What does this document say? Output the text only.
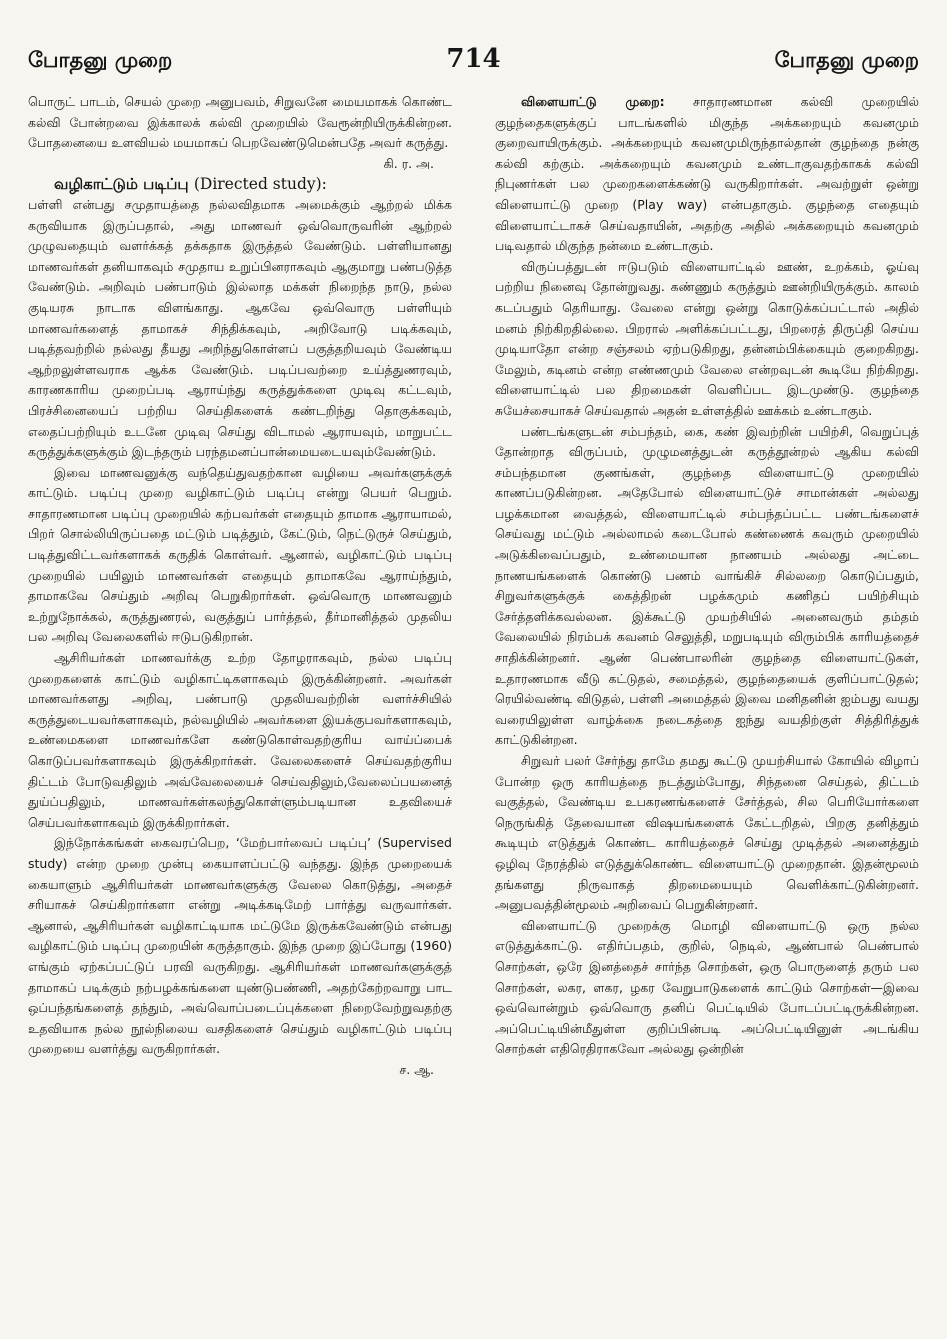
போதனு முறை	714	போதனு முறை

பொருட் பாடம், செயல் முறை அனுபவம், சிறுவனே மையமாகக் கொண்ட கல்வி போன்றவை இக்காலக் கல்வி முறையில் வேரூன்றியிருக்கின்றன. போதனையை உளவியல் மயமாகப் பெறவேண்டுமென்பதே அவர் கருத்து.

கி. ர. அ.

வழிகாட்டும் படிப்பு (Directed study):

பள்ளி என்பது சமுதாயத்தை நல்லவிதமாக அமைக்கும் ஆற்றல் மிக்க கருவியாக இருப்பதால், அது மாணவர் ஒவ்வொருவரின் ஆற்றல் முழுவதையும் வளர்க்கத் தக்கதாக இருத்தல் வேண்டும். பள்ளியானது மாணவர்கள் தனியாகவும் சமுதாய உறுப்பினராகவும் ஆகுமாறு பண்படுத்த வேண்டும். அறிவும் பண்பாடும் இல்லாத மக்கள் நிறைந்த நாடு, நல்ல குடியரசு நாடாக விளங்காது. ஆகவே ஒவ்வொரு பள்ளியும் மாணவர்களைத் தாமாகச் சிந்திக்கவும், அறிவோடு படிக்கவும், படித்தவற்றில் நல்லது தீயது அறிந்துகொள்ளப் பகுத்தறியவும் வேண்டிய ஆற்றலுள்ளவராக ஆக்க வேண்டும். படிப்பவற்றை உய்த்துணரவும், காரணகாரிய முறைப்படி ஆராய்ந்து கருத்துக்களை முடிவு கட்டவும், பிரச்சினையைப் பற்றிய செய்திகளைக் கண்டறிந்து தொகுக்கவும், எதைப்பற்றியும் உடனே முடிவு செய்து விடாமல் ஆராயவும், மாறுபட்ட கருத்துக்களுக்கும் இடந்தரும் பரந்தமனப்பான்மையடையவும்வேண்டும்.

இவை மாணவனுக்கு வந்தெய்துவதற்கான வழியை அவர்களுக்குக் காட்டும். படிப்பு முறை வழிகாட்டும் படிப்பு என்று பெயர் பெறும். சாதாரணமான படிப்பு முறையில் கற்பவர்கள் எதையும் தாமாக ஆராயாமல், பிறர் சொல்லியிருப்பதை மட்டும் படித்தும், கேட்டும், நெட்டுருச் செய்தும், படித்துவிட்டவர்களாகக் கருதிக் கொள்வர். ஆனால், வழிகாட்டும் படிப்பு முறையில் பயிலும் மாணவர்கள் எதையும் தாமாகவே ஆராய்ந்தும், தாமாகவே செய்தும் அறிவு பெறுகிறார்கள். ஒவ்வொரு மாணவனும் உற்றுநோக்கல், கருத்துணரல், வகுத்துப் பார்த்தல், தீர்மானித்தல் முதலிய பல அறிவு வேலைகளில் ஈடுபடுகிறான்.

ஆசிரியர்கள் மாணவர்க்கு உற்ற தோழராகவும், நல்ல படிப்பு முறைகளைக் காட்டும் வழிகாட்டிகளாகவும் இருக்கின்றனர். அவர்கள் மாணவர்களது அறிவு, பண்பாடு முதலியவற்றின் வளர்ச்சியில் கருத்துடையவர்களாகவும், நல்வழியில் அவர்களை இயக்குபவர்களாகவும், உண்மைகளை மாணவர்களே கண்டுகொள்வதற்குரிய வாய்ப்பைக் கொடுப்பவர்களாகவும் இருக்கிறார்கள். வேலைகளைச் செய்வதற்குரிய திட்டம் போடுவதிலும் அவ்வேலையைச் செய்வதிலும்,வேலைப்பயனைத் துய்ப்பதிலும், மாணவர்கள்கலந்துகொள்ளும்படியான உதவியைச் செய்பவர்களாகவும் இருக்கிறார்கள்.

இந்நோக்கங்கள் கைவரப்பெற, ‘மேற்பார்வைப் படிப்பு’ (Supervised study) என்ற முறை முன்பு கையாளப்பட்டு வந்தது. இந்த முறையைக் கையாளும் ஆசிரியர்கள் மாணவர்களுக்கு வேலை கொடுத்து, அதைச் சரியாகச் செய்கிறார்களா என்று அடிக்கடிமேற் பார்த்து வருவார்கள். ஆனால், ஆசிரியர்கள் வழிகாட்டியாக மட்டுமே இருக்கவேண்டும் என்பது வழிகாட்டும் படிப்பு முறையின் கருத்தாகும். இந்த முறை இப்போது (1960) எங்கும் ஏற்கப்பட்டுப் பரவி வருகிறது. ஆசிரியர்கள் மாணவர்களுக்குத் தாமாகப் படிக்கும் நற்பழக்கங்களை யுண்டுபண்ணி, அதற்கேற்றவாறு பாட ஒப்பந்தங்களைத் தந்தும், அவ்வொப்படைப்புக்களை நிறைவேற்றுவதற்கு உதவியாக நல்ல நூல்நிலைய வசதிகளைச் செய்தும் வழிகாட்டும் படிப்பு முறையை வளர்த்து வருகிறார்கள்.

ச. ஆ.

விளையாட்டு முறை: சாதாரணமான கல்வி முறையில் குழந்தைகளுக்குப் பாடங்களில் மிகுந்த அக்கறையும் கவனமும் குறைவாயிருக்கும். அக்கறையும் கவனமுமிருந்தால்தான் குழந்தை நன்கு கல்வி கற்கும். அக்கறையும் கவனமும் உண்டாகுவதற்காகக் கல்வி நிபுணர்கள் பல முறைகளைக்கண்டு வருகிறார்கள். அவற்றுள் ஒன்று விளையாட்டு முறை (Play way) என்பதாகும். குழந்தை எதையும் விளையாட்டாகச் செய்வதாயின், அதற்கு அதில் அக்கறையும் கவனமும் படிவதால் மிகுந்த நன்மை உண்டாகும்.

விருப்பத்துடன் ஈடுபடும் விளையாட்டில் ஊண், உறக்கம், ஓய்வு பற்றிய நினைவு தோன்றுவது. கண்ணும் கருத்தும் ஊன்றியிருக்கும். காலம் கடப்பதும் தெரியாது. வேலை என்று ஒன்று கொடுக்கப்பட்டால் அதில் மனம் நிற்கிறதில்லை. பிறரால் அளிக்கப்பட்டது, பிறரைத் திருப்தி செய்ய முடியாதோ என்ற சஞ்சலம் ஏற்படுகிறது, தன்னம்பிக்கையும் குறைகிறது. மேலும், கடினம் என்ற எண்ணமும் வேலை என்றவுடன் கூடியே நிற்கிறது. விளையாட்டில் பல திறமைகள் வெளிப்பட இடமுண்டு. குழந்தை சுயேச்சையாகச் செய்வதால் அதன் உள்ளத்தில் ஊக்கம் உண்டாகும்.

பண்டங்களுடன் சம்பந்தம், கை, கண் இவற்றின் பயிற்சி, வெறுப்புத் தோன்றாத விருப்பம், முழுமனத்துடன் கருத்தூன்றல் ஆகிய கல்வி சம்பந்தமான குணங்கள், குழந்தை விளையாட்டு முறையில் காணப்படுகின்றன. அதேபோல் விளையாட்டுச் சாமான்கள் அல்லது பழக்கமான வைத்தல், விளையாட்டில் சம்பந்தப்பட்ட பண்டங்களைச் செய்வது மட்டும் அல்லாமல் கடைபோல் கண்ணைக் கவரும் முறையில் அடுக்கிவைப்பதும், உண்மையான நாணயம் அல்லது அட்டை நாணயங்களைக் கொண்டு பணம் வாங்கிச் சில்லறை கொடுப்பதும், சிறுவர்களுக்குக் கைத்திறன் பழக்கமும் கணிதப் பயிற்சியும் சேர்த்தளிக்கவல்லன. இக்கூட்டு முயற்சியில் அனைவரும் தம்தம் வேலையில் நிரம்பக் கவனம் செலுத்தி, மறுபடியும் விரும்பிக் காரியத்தைச் சாதிக்கின்றனர். ஆண் பெண்பாலரின் குழந்தை விளையாட்டுகள், உதாரணமாக வீடு கட்டுதல், சமைத்தல், குழந்தையைக் குளிப்பாட்டுதல்; ரெயில்வண்டி விடுதல், பள்ளி அமைத்தல் இவை மனிதனின் ஐம்பது வயது வரையிலுள்ள வாழ்க்கை நடைகத்தை ஐந்து வயதிற்குள் சித்திரித்துக் காட்டுகின்றன.

சிறுவர் பலர் சேர்ந்து தாமே தமது கூட்டு முயற்சியால் கோயில் விழாப் போன்ற ஒரு காரியத்தை நடத்தும்போது, சிந்தனை செய்தல், திட்டம் வகுத்தல், வேண்டிய உபகரணங்களைச் சேர்த்தல், சில பெரியோர்களை நெருங்கித் தேவையான விஷயங்களைக் கேட்டறிதல், பிறகு தனித்தும் கூடியும் எடுத்துக் கொண்ட காரியத்தைச் செய்து முடித்தல் அனைத்தும் ஒழிவு நேரத்தில் எடுத்துக்கொண்ட விளையாட்டு முறைதான். இதன்மூலம் தங்களது நிருவாகத் திறமையையும் வெளிக்காட்டுகின்றனர். அனுபவத்தின்மூலம் அறிவைப் பெறுகின்றனர்.

விளையாட்டு முறைக்கு மொழி விளையாட்டு ஒரு நல்ல எடுத்துக்காட்டு. எதிர்ப்பதம், குறில், நெடில், ஆண்பால் பெண்பால் சொற்கள், ஒரே இனத்தைச் சார்ந்த சொற்கள், ஒரு பொருளைத் தரும் பல சொற்கள், லகர, ளகர, ழகர வேறுபாடுகளைக் காட்டும் சொற்கள்—இவை ஒவ்வொன்றும் ஒவ்வொரு தனிப் பெட்டியில் போடப்பட்டிருக்கின்றன. அப்பெட்டியின்மீதுள்ள குறிப்பின்படி அப்பெட்டியினுள் அடங்கிய சொற்கள் எதிரெதிராகவோ அல்லது ஒன்றின்
